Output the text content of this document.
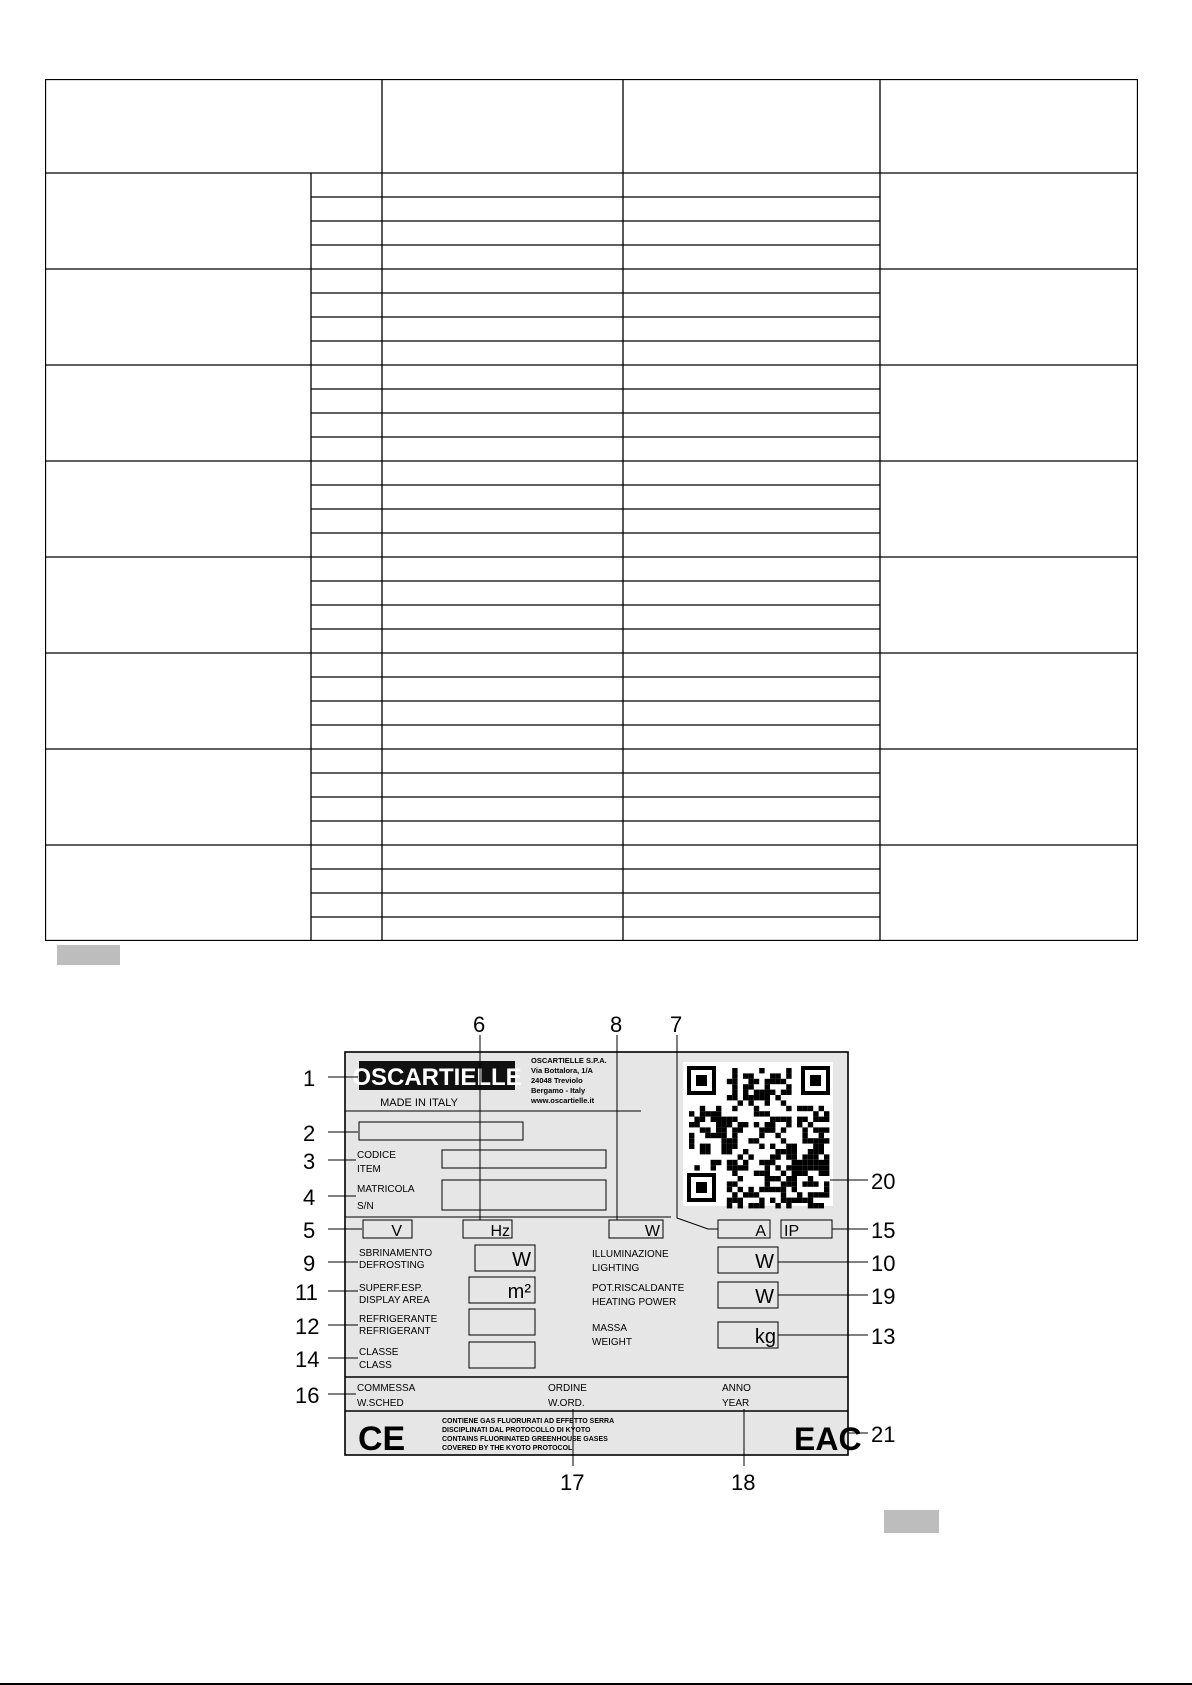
OSCARTIELLE
MADE IN ITALY
OSCARTIELLE S.P.A.
Via Bottalora, 1/A
24048 Treviolo
Bergamo - Italy
www.oscartielle.it
V	Hz	W	A IP
W
m²
W
W
kg
CODICE
ITEM
MATRICOLA
S/N
SBRINAMENTO
DEFROSTING
SUPERF.ESP.
DISPLAY AREA
REFRIGERANTE
REFRIGERANT
CLASSE
CLASS
ILLUMINAZIONE
LIGHTING
POT.RISCALDANTE
HEATING POWER
MASSA
WEIGHT
COMMESSA
W.SCHED
ORDINE
W.ORD.
ANNO
YEAR
CONTIENE GAS FLUORURATI AD EFFETTO SERRA
DISCIPLINATI DAL PROTOCOLLO DI KYOTO
CONTAINS FLUORINATED GREENHOUSE GASES
COVERED BY THE KYOTO PROTOCOL
CE	EAC
1
2
3
4
5
6	7
8
9	10
11
12	13
14
15
16
17	18
19
20
21
